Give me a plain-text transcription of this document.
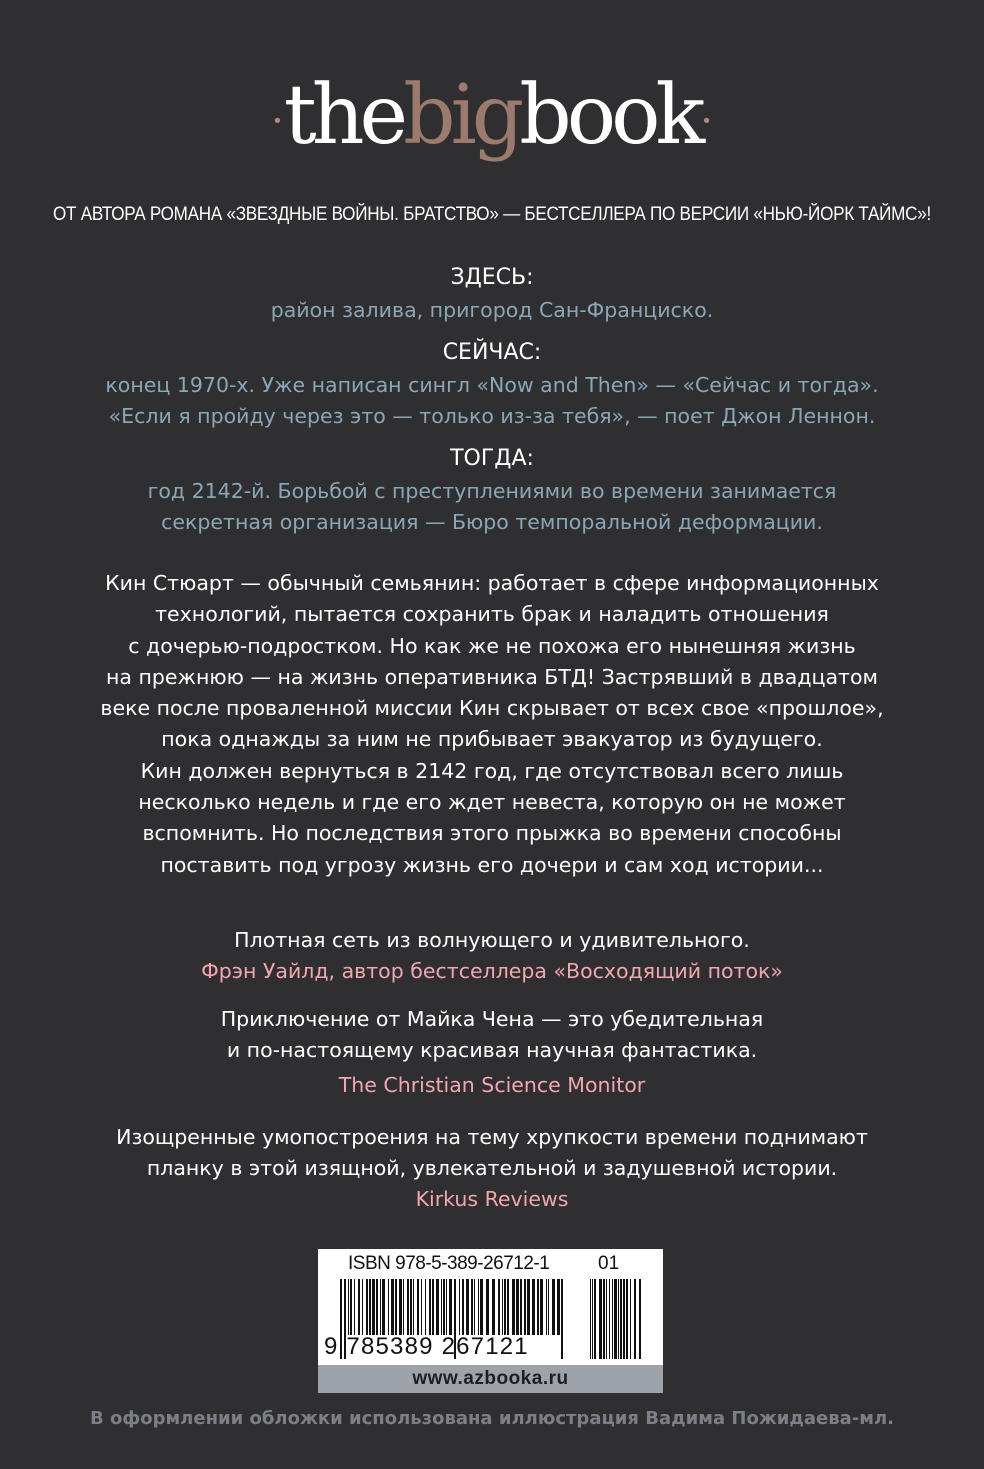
·thebigbook·
ОТ АВТОРА РОМАНА «ЗВЕЗДНЫЕ ВОЙНЫ. БРАТСТВО» — БЕСТСЕЛЛЕРА ПО ВЕРСИИ «НЬЮ-ЙОРК ТАЙМС»!
ЗДЕСЬ:
район залива, пригород Сан-Франциско.
СЕЙЧАС:
конец 1970-х. Уже написан сингл «Now and Then» — «Сейчас и тогда».
«Если я пройду через это — только из-за тебя», — поет Джон Леннон.
ТОГДА:
год 2142-й. Борьбой с преступлениями во времени занимается
секретная организация — Бюро темпоральной деформации.
Кин Стюарт — обычный семьянин: работает в сфере информационных
технологий, пытается сохранить брак и наладить отношения
с дочерью-подростком. Но как же не похожа его нынешняя жизнь
на прежнюю — на жизнь оперативника БТД! Застрявший в двадцатом
веке после проваленной миссии Кин скрывает от всех свое «прошлое»,
пока однажды за ним не прибывает эвакуатор из будущего.
Кин должен вернуться в 2142 год, где отсутствовал всего лишь
несколько недель и где его ждет невеста, которую он не может
вспомнить. Но последствия этого прыжка во времени способны
поставить под угрозу жизнь его дочери и сам ход истории...
Плотная сеть из волнующего и удивительного.
Фрэн Уайлд, автор бестселлера «Восходящий поток»
Приключение от Майка Чена — это убедительная
и по-настоящему красивая научная фантастика.
The Christian Science Monitor
Изощренные умопостроения на тему хрупкости времени поднимают
планку в этой изящной, увлекательной и задушевной истории.
Kirkus Reviews
ISBN 978-5-389-26712-1	01
9 785389 267121
www.azbooka.ru
В оформлении обложки использована иллюстрация Вадима Пожидаева-мл.
